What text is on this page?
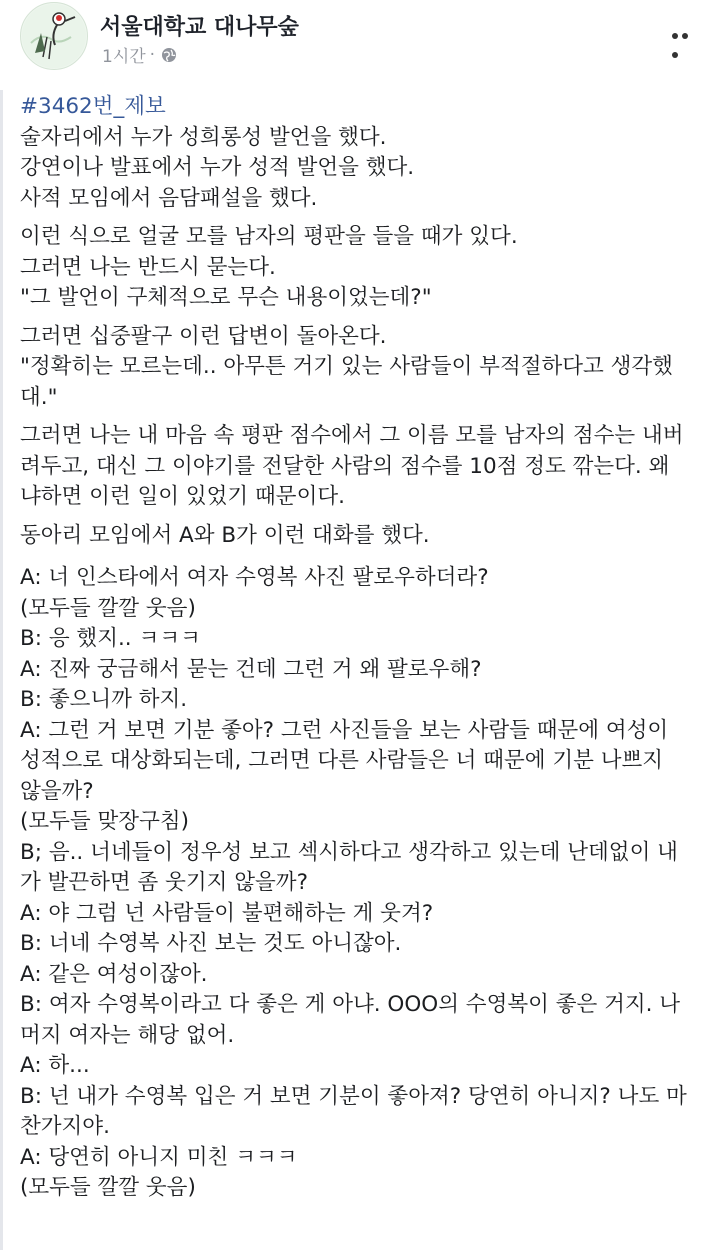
서울대학교 대나무숲
1시간 ·
#3462번_제보
술자리에서 누가 성희롱성 발언을 했다.
강연이나 발표에서 누가 성적 발언을 했다.
사적 모임에서 음담패설을 했다.
이런 식으로 얼굴 모를 남자의 평판을 들을 때가 있다.
그러면 나는 반드시 묻는다.
"그 발언이 구체적으로 무슨 내용이었는데?"
그러면 십중팔구 이런 답변이 돌아온다.
"정확히는 모르는데.. 아무튼 거기 있는 사람들이 부적절하다고 생각했
대."
그러면 나는 내 마음 속 평판 점수에서 그 이름 모를 남자의 점수는 내버
려두고, 대신 그 이야기를 전달한 사람의 점수를 10점 정도 깎는다. 왜
냐하면 이런 일이 있었기 때문이다.
동아리 모임에서 A와 B가 이런 대화를 했다.
A: 너 인스타에서 여자 수영복 사진 팔로우하더라?
(모두들 깔깔 웃음)
B: 응 했지.. ㅋㅋㅋ
A: 진짜 궁금해서 묻는 건데 그런 거 왜 팔로우해?
B: 좋으니까 하지.
A: 그런 거 보면 기분 좋아? 그런 사진들을 보는 사람들 때문에 여성이
성적으로 대상화되는데, 그러면 다른 사람들은 너 때문에 기분 나쁘지
않을까?
(모두들 맞장구침)
B; 음.. 너네들이 정우성 보고 섹시하다고 생각하고 있는데 난데없이 내
가 발끈하면 좀 웃기지 않을까?
A: 야 그럼 넌 사람들이 불편해하는 게 웃겨?
B: 너네 수영복 사진 보는 것도 아니잖아.
A: 같은 여성이잖아.
B: 여자 수영복이라고 다 좋은 게 아냐. OOO의 수영복이 좋은 거지. 나
머지 여자는 해당 없어.
A: 하...
B: 넌 내가 수영복 입은 거 보면 기분이 좋아져? 당연히 아니지? 나도 마
찬가지야.
A: 당연히 아니지 미친 ㅋㅋㅋ
(모두들 깔깔 웃음)
